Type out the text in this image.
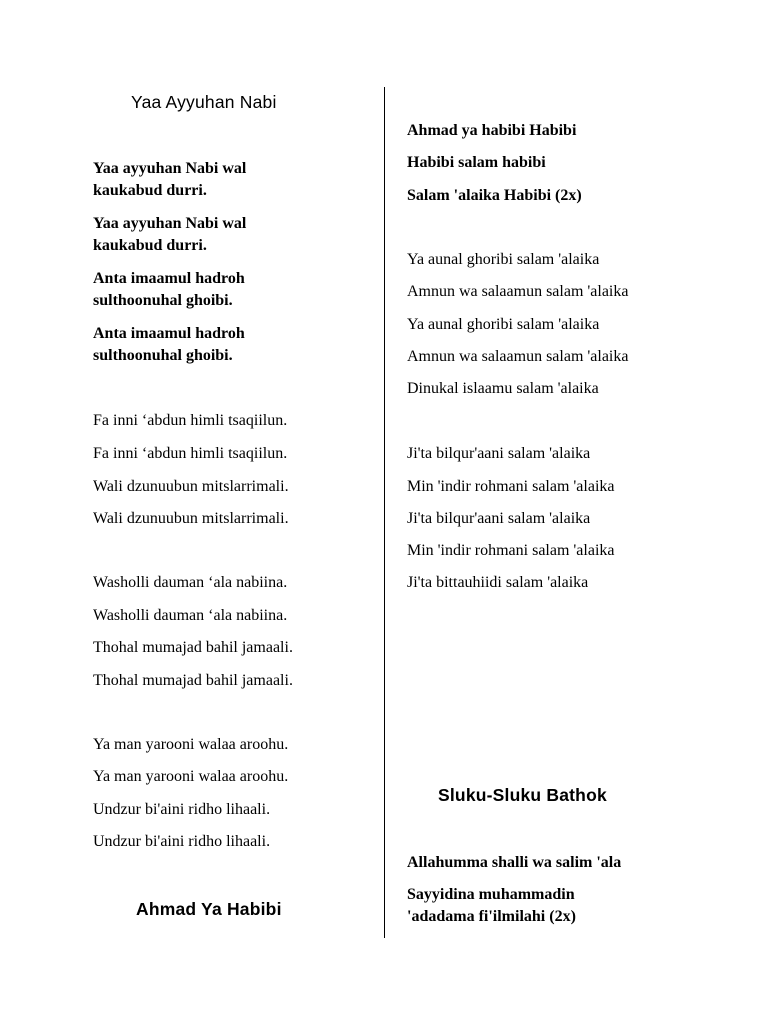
Yaa Ayyuhan Nabi
Yaa ayyuhan Nabi wal
kaukabud durri.
Yaa ayyuhan Nabi wal
kaukabud durri.
Anta imaamul hadroh
sulthoonuhal ghoibi.
Anta imaamul hadroh
sulthoonuhal ghoibi.
Fa inni ‘abdun himli tsaqiilun.
Fa inni ‘abdun himli tsaqiilun.
Wali dzunuubun mitslarrimali.
Wali dzunuubun mitslarrimali.
Washolli dauman ‘ala nabiina.
Washolli dauman ‘ala nabiina.
Thohal mumajad bahil jamaali.
Thohal mumajad bahil jamaali.
Ya man yarooni walaa aroohu.
Ya man yarooni walaa aroohu.
Undzur bi'aini ridho lihaali.
Undzur bi'aini ridho lihaali.
Ahmad Ya Habibi
Ahmad ya habibi Habibi
Habibi salam habibi
Salam 'alaika Habibi (2x)
Ya aunal ghoribi salam 'alaika
Amnun wa salaamun salam 'alaika
Ya aunal ghoribi salam 'alaika
Amnun wa salaamun salam 'alaika
Dinukal islaamu salam 'alaika
Ji'ta bilqur'aani salam 'alaika
Min 'indir rohmani salam 'alaika
Ji'ta bilqur'aani salam 'alaika
Min 'indir rohmani salam 'alaika
Ji'ta bittauhiidi salam 'alaika
Sluku-Sluku Bathok
Allahumma shalli wa salim 'ala
Sayyidina muhammadin
'adadama fi'ilmilahi (2x)
